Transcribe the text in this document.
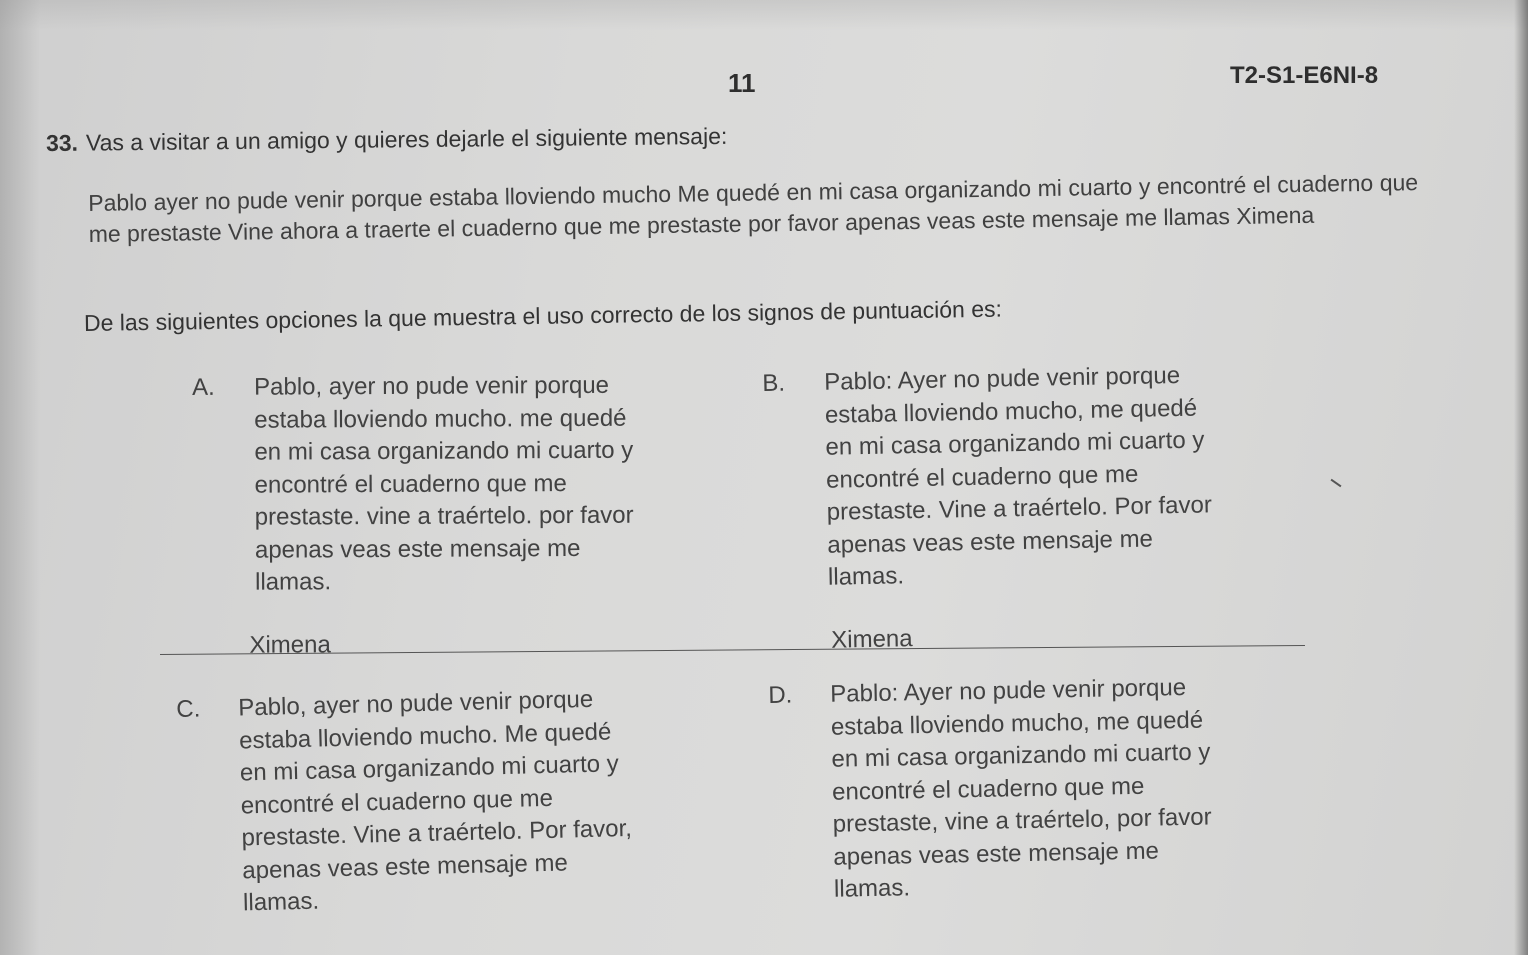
11	T2-S1-E6NI-8
33. Vas a visitar a un amigo y quieres dejarle el siguiente mensaje:
Pablo ayer no pude venir porque estaba lloviendo mucho Me quedé en mi casa organizando mi cuarto y encontré el cuaderno que me prestaste Vine ahora a traerte el cuaderno que me prestaste por favor apenas veas este mensaje me llamas Ximena
De las siguientes opciones la que muestra el uso correcto de los signos de puntuación es:
A. Pablo, ayer no pude venir porque
estaba lloviendo mucho. me quedé
en mi casa organizando mi cuarto y
encontré el cuaderno que me
prestaste. vine a traértelo. por favor
apenas veas este mensaje me
llamas.
Ximena
B. Pablo: Ayer no pude venir porque
estaba lloviendo mucho, me quedé
en mi casa organizando mi cuarto y
encontré el cuaderno que me
prestaste. Vine a traértelo. Por favor
apenas veas este mensaje me
llamas.
Ximena
C. Pablo, ayer no pude venir porque
estaba lloviendo mucho. Me quedé
en mi casa organizando mi cuarto y
encontré el cuaderno que me
prestaste. Vine a traértelo. Por favor,
apenas veas este mensaje me
llamas.
D. Pablo: Ayer no pude venir porque
estaba lloviendo mucho, me quedé
en mi casa organizando mi cuarto y
encontré el cuaderno que me
prestaste, vine a traértelo, por favor
apenas veas este mensaje me
llamas.
